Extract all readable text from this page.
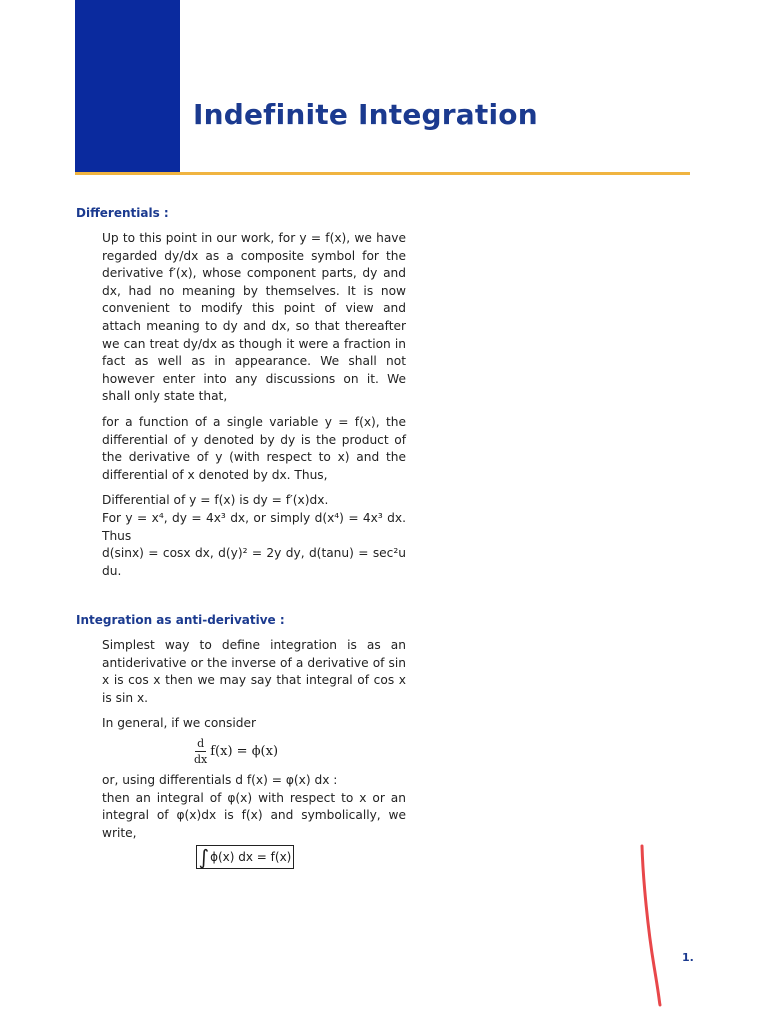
Indefinite Integration
Differentials :

Up to this point in our work, for y = f(x), we have regarded dy/dx as a composite symbol for the derivative f′(x), whose component parts, dy and dx, had no meaning by themselves. It is now convenient to modify this point of view and attach meaning to dy and dx, so that thereafter we can treat dy/dx as though it were a fraction in fact as well as in appearance. We shall not however enter into any discussions on it. We shall only state that,

for a function of a single variable y = f(x), the differential of y denoted by dy is the product of the derivative of y (with respect to x) and the differential of x denoted by dx. Thus,

Differential of y = f(x) is dy = f′(x)dx.

For y = x⁴, dy = 4x³ dx, or simply d(x⁴) = 4x³ dx. Thus

d(sinx) = cosx dx, d(y)² = 2y dy, d(tanu) = sec²u du.

Integration as anti-derivative :

Simplest way to define integration is as an antiderivative or the inverse of a derivative of sin x is cos x then we may say that integral of cos x is sin x.

In general, if we consider

$\frac{d}{dx} f(x) = \phi(x)$

or, using differentials d f(x) = φ(x) dx :

then an integral of φ(x) with respect to x or an integral of φ(x)dx is f(x) and symbolically, we write,

∫ ϕ(x) dx = f(x)
1.
